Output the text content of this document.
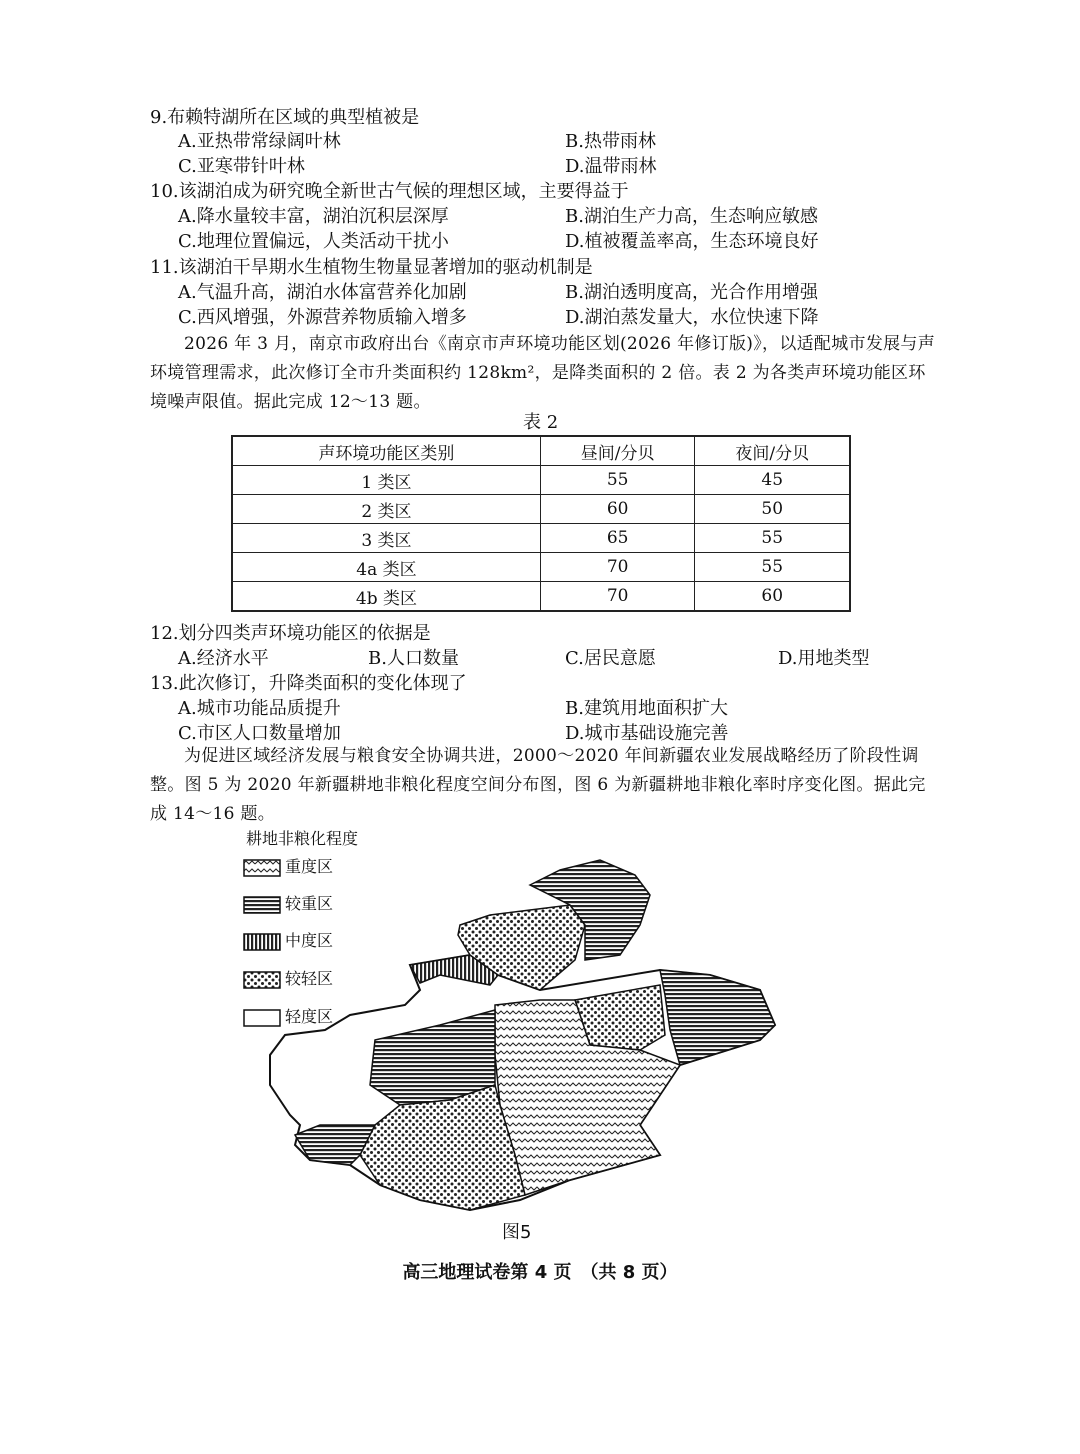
9.布赖特湖所在区域的典型植被是
A.亚热带常绿阔叶林	B.热带雨林
C.亚寒带针叶林	D.温带雨林
10.该湖泊成为研究晚全新世古气候的理想区域，主要得益于
A.降水量较丰富，湖泊沉积层深厚	B.湖泊生产力高，生态响应敏感
C.地理位置偏远，人类活动干扰小	D.植被覆盖率高，生态环境良好
11.该湖泊干旱期水生植物生物量显著增加的驱动机制是
A.气温升高，湖泊水体富营养化加剧	B.湖泊透明度高，光合作用增强
C.西风增强，外源营养物质输入增多	D.湖泊蒸发量大，水位快速下降
2026 年 3 月，南京市政府出台《南京市声环境功能区划(2026 年修订版)》，以适配城市发展与声环境管理需求，此次修订全市升类面积约 128km²，是降类面积的 2 倍。表 2 为各类声环境功能区环境噪声限值。据此完成 12～13 题。
表 2
声环境功能区类别	昼间/分贝	夜间/分贝
1 类区	55	45
2 类区	60	50
3 类区	65	55
4a 类区	70	55
4b 类区	70	60
12.划分四类声环境功能区的依据是
A.经济水平	B.人口数量	C.居民意愿	D.用地类型
13.此次修订，升降类面积的变化体现了
A.城市功能品质提升	B.建筑用地面积扩大
C.市区人口数量增加	D.城市基础设施完善
为促进区域经济发展与粮食安全协调共进，2000～2020 年间新疆农业发展战略经历了阶段性调整。图 5 为 2020 年新疆耕地非粮化程度空间分布图，图 6 为新疆耕地非粮化率时序变化图。据此完成 14～16 题。
耕地非粮化程度
重度区
较重区
中度区
较轻区
轻度区
图5
高三地理试卷第 4 页　（共 8 页）
